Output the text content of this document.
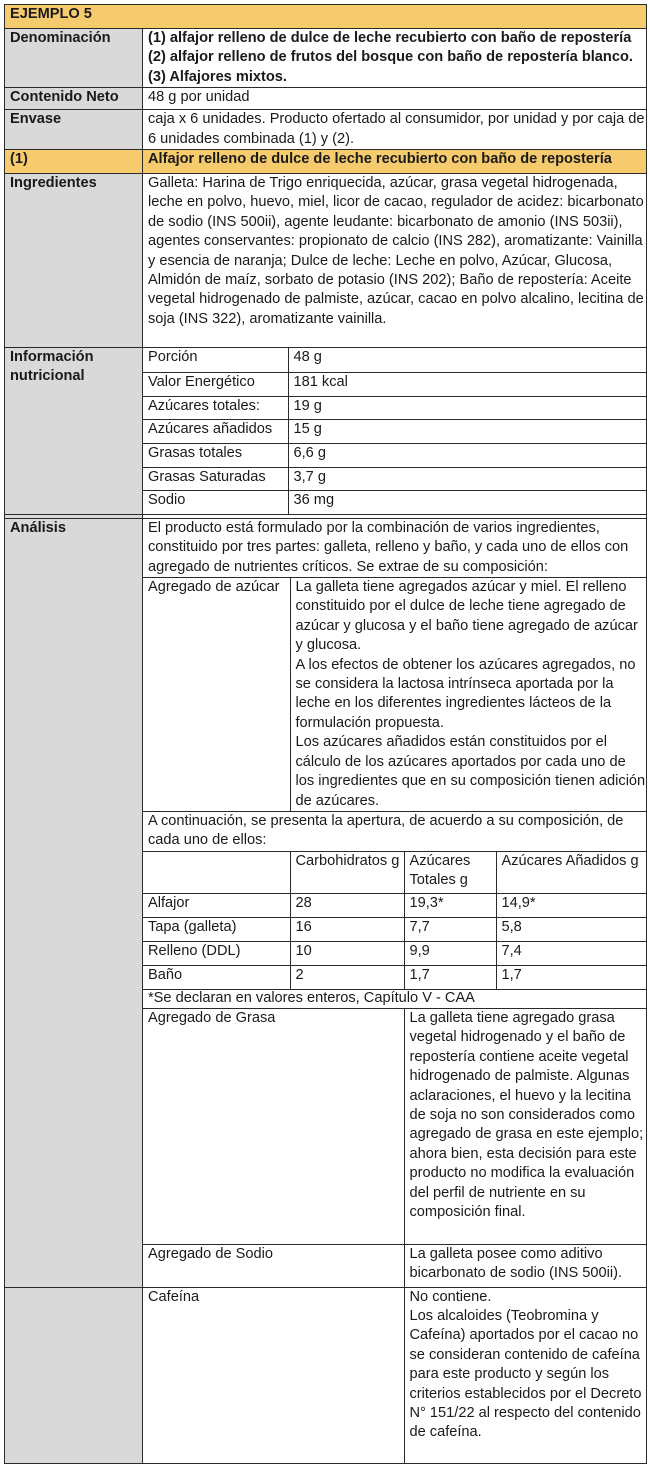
EJEMPLO 5
Denominación	(1) alfajor relleno de dulce de leche recubierto con baño de repostería
(2) alfajor relleno de frutos del bosque con baño de repostería blanco.
(3) Alfajores mixtos.

Contenido Neto	48 g por unidad
Envase	caja x 6 unidades. Producto ofertado al consumidor, por unidad y por caja de 6 unidades combinada (1) y (2).
(1)	Alfajor relleno de dulce de leche recubierto con baño de repostería
Ingredientes	Galleta: Harina de Trigo enriquecida, azúcar, grasa vegetal hidrogenada, leche en polvo, huevo, miel, licor de cacao, regulador de acidez: bicarbonato de sodio (INS 500ii), agente leudante: bicarbonato de amonio (INS 503ii), agentes conservantes: propionato de calcio (INS 282), aromatizante: Vainilla y esencia de naranja; Dulce de leche: Leche en polvo, Azúcar, Glucosa, Almidón de maíz, sorbato de potasio (INS 202); Baño de repostería: Aceite vegetal hidrogenado de palmiste, azúcar, cacao en polvo alcalino, lecitina de soja (INS 322), aromatizante vainilla.
Información nutricional	
Porción	48 g
Valor Energético	181 kcal
Azúcares totales:	19 g
Azúcares añadidos	15 g
Grasas totales	6,6 g
Grasas Saturadas	3,7 g
Sodio	36 mg

Análisis	El producto está formulado por la combinación de varios ingredientes, constituido por tres partes: galleta, relleno y baño, y cada uno de ellos con agregado de nutrientes críticos. Se extrae de su composición:
Agregado de azúcar	La galleta tiene agregados azúcar y miel. El relleno constituido por el dulce de leche tiene agregado de azúcar y glucosa y el baño tiene agregado de azúcar y glucosa.
A los efectos de obtener los azúcares agregados, no se considera la lactosa intrínseca aportada por la leche en los diferentes ingredientes lácteos de la formulación propuesta.
Los azúcares añadidos están constituidos por el cálculo de los azúcares aportados por cada uno de los ingredientes que en su composición tienen adición de azúcares.

A continuación, se presenta la apertura, de acuerdo a su composición, de cada uno de ellos:
	Carbohidratos g	Azúcares Totales g	Azúcares Añadidos g
Alfajor	28	19,3*	14,9*
Tapa (galleta)	16	7,7	5,8
Relleno (DDL)	10	9,9	7,4
Baño	2	1,7	1,7
*Se declaran en valores enteros, Capítulo V - CAA
Agregado de Grasa	La galleta tiene agregado grasa vegetal hidrogenado y el baño de repostería contiene aceite vegetal hidrogenado de palmiste. Algunas aclaraciones, el huevo y la lecitina de soja no son considerados como agregado de grasa en este ejemplo; ahora bien, esta decisión para este producto no modifica la evaluación del perfil de nutriente en su composición final.
Agregado de Sodio	La galleta posee como aditivo bicarbonato de sodio (INS 500ii).

Cafeína	No contiene.
Los alcaloides (Teobromina y Cafeína) aportados por el cacao no se consideran contenido de cafeína para este producto y según los criterios establecidos por el Decreto N° 151/22 al respecto del contenido de cafeína.
